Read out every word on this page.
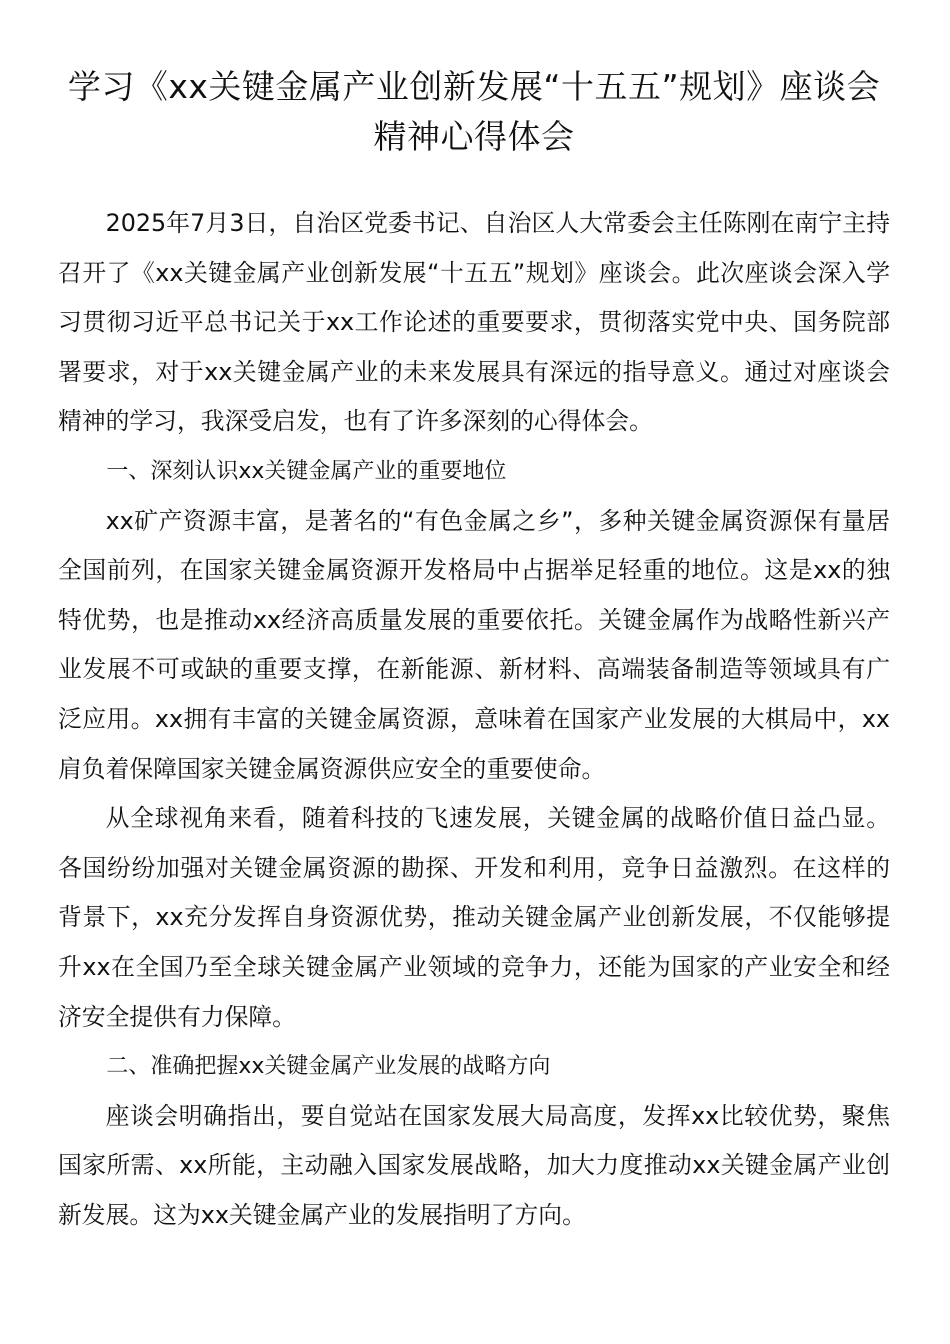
学习《xx关键金属产业创新发展“十五五”规划》座谈会精神心得体会

2025年7月3日，自治区党委书记、自治区人大常委会主任陈刚在南宁主持召开了《xx关键金属产业创新发展“十五五”规划》座谈会。此次座谈会深入学习贯彻习近平总书记关于xx工作论述的重要要求，贯彻落实党中央、国务院部署要求，对于xx关键金属产业的未来发展具有深远的指导意义。通过对座谈会精神的学习，我深受启发，也有了许多深刻的心得体会。

一、深刻认识xx关键金属产业的重要地位

xx矿产资源丰富，是著名的“有色金属之乡”，多种关键金属资源保有量居全国前列，在国家关键金属资源开发格局中占据举足轻重的地位。这是xx的独特优势，也是推动xx经济高质量发展的重要依托。关键金属作为战略性新兴产业发展不可或缺的重要支撑，在新能源、新材料、高端装备制造等领域具有广泛应用。xx拥有丰富的关键金属资源，意味着在国家产业发展的大棋局中，xx肩负着保障国家关键金属资源供应安全的重要使命。

从全球视角来看，随着科技的飞速发展，关键金属的战略价值日益凸显。各国纷纷加强对关键金属资源的勘探、开发和利用，竞争日益激烈。在这样的背景下，xx充分发挥自身资源优势，推动关键金属产业创新发展，不仅能够提升xx在全国乃至全球关键金属产业领域的竞争力，还能为国家的产业安全和经济安全提供有力保障。

二、准确把握xx关键金属产业发展的战略方向

座谈会明确指出，要自觉站在国家发展大局高度，发挥xx比较优势，聚焦国家所需、xx所能，主动融入国家发展战略，加大力度推动xx关键金属产业创新发展。这为xx关键金属产业的发展指明了方向。
